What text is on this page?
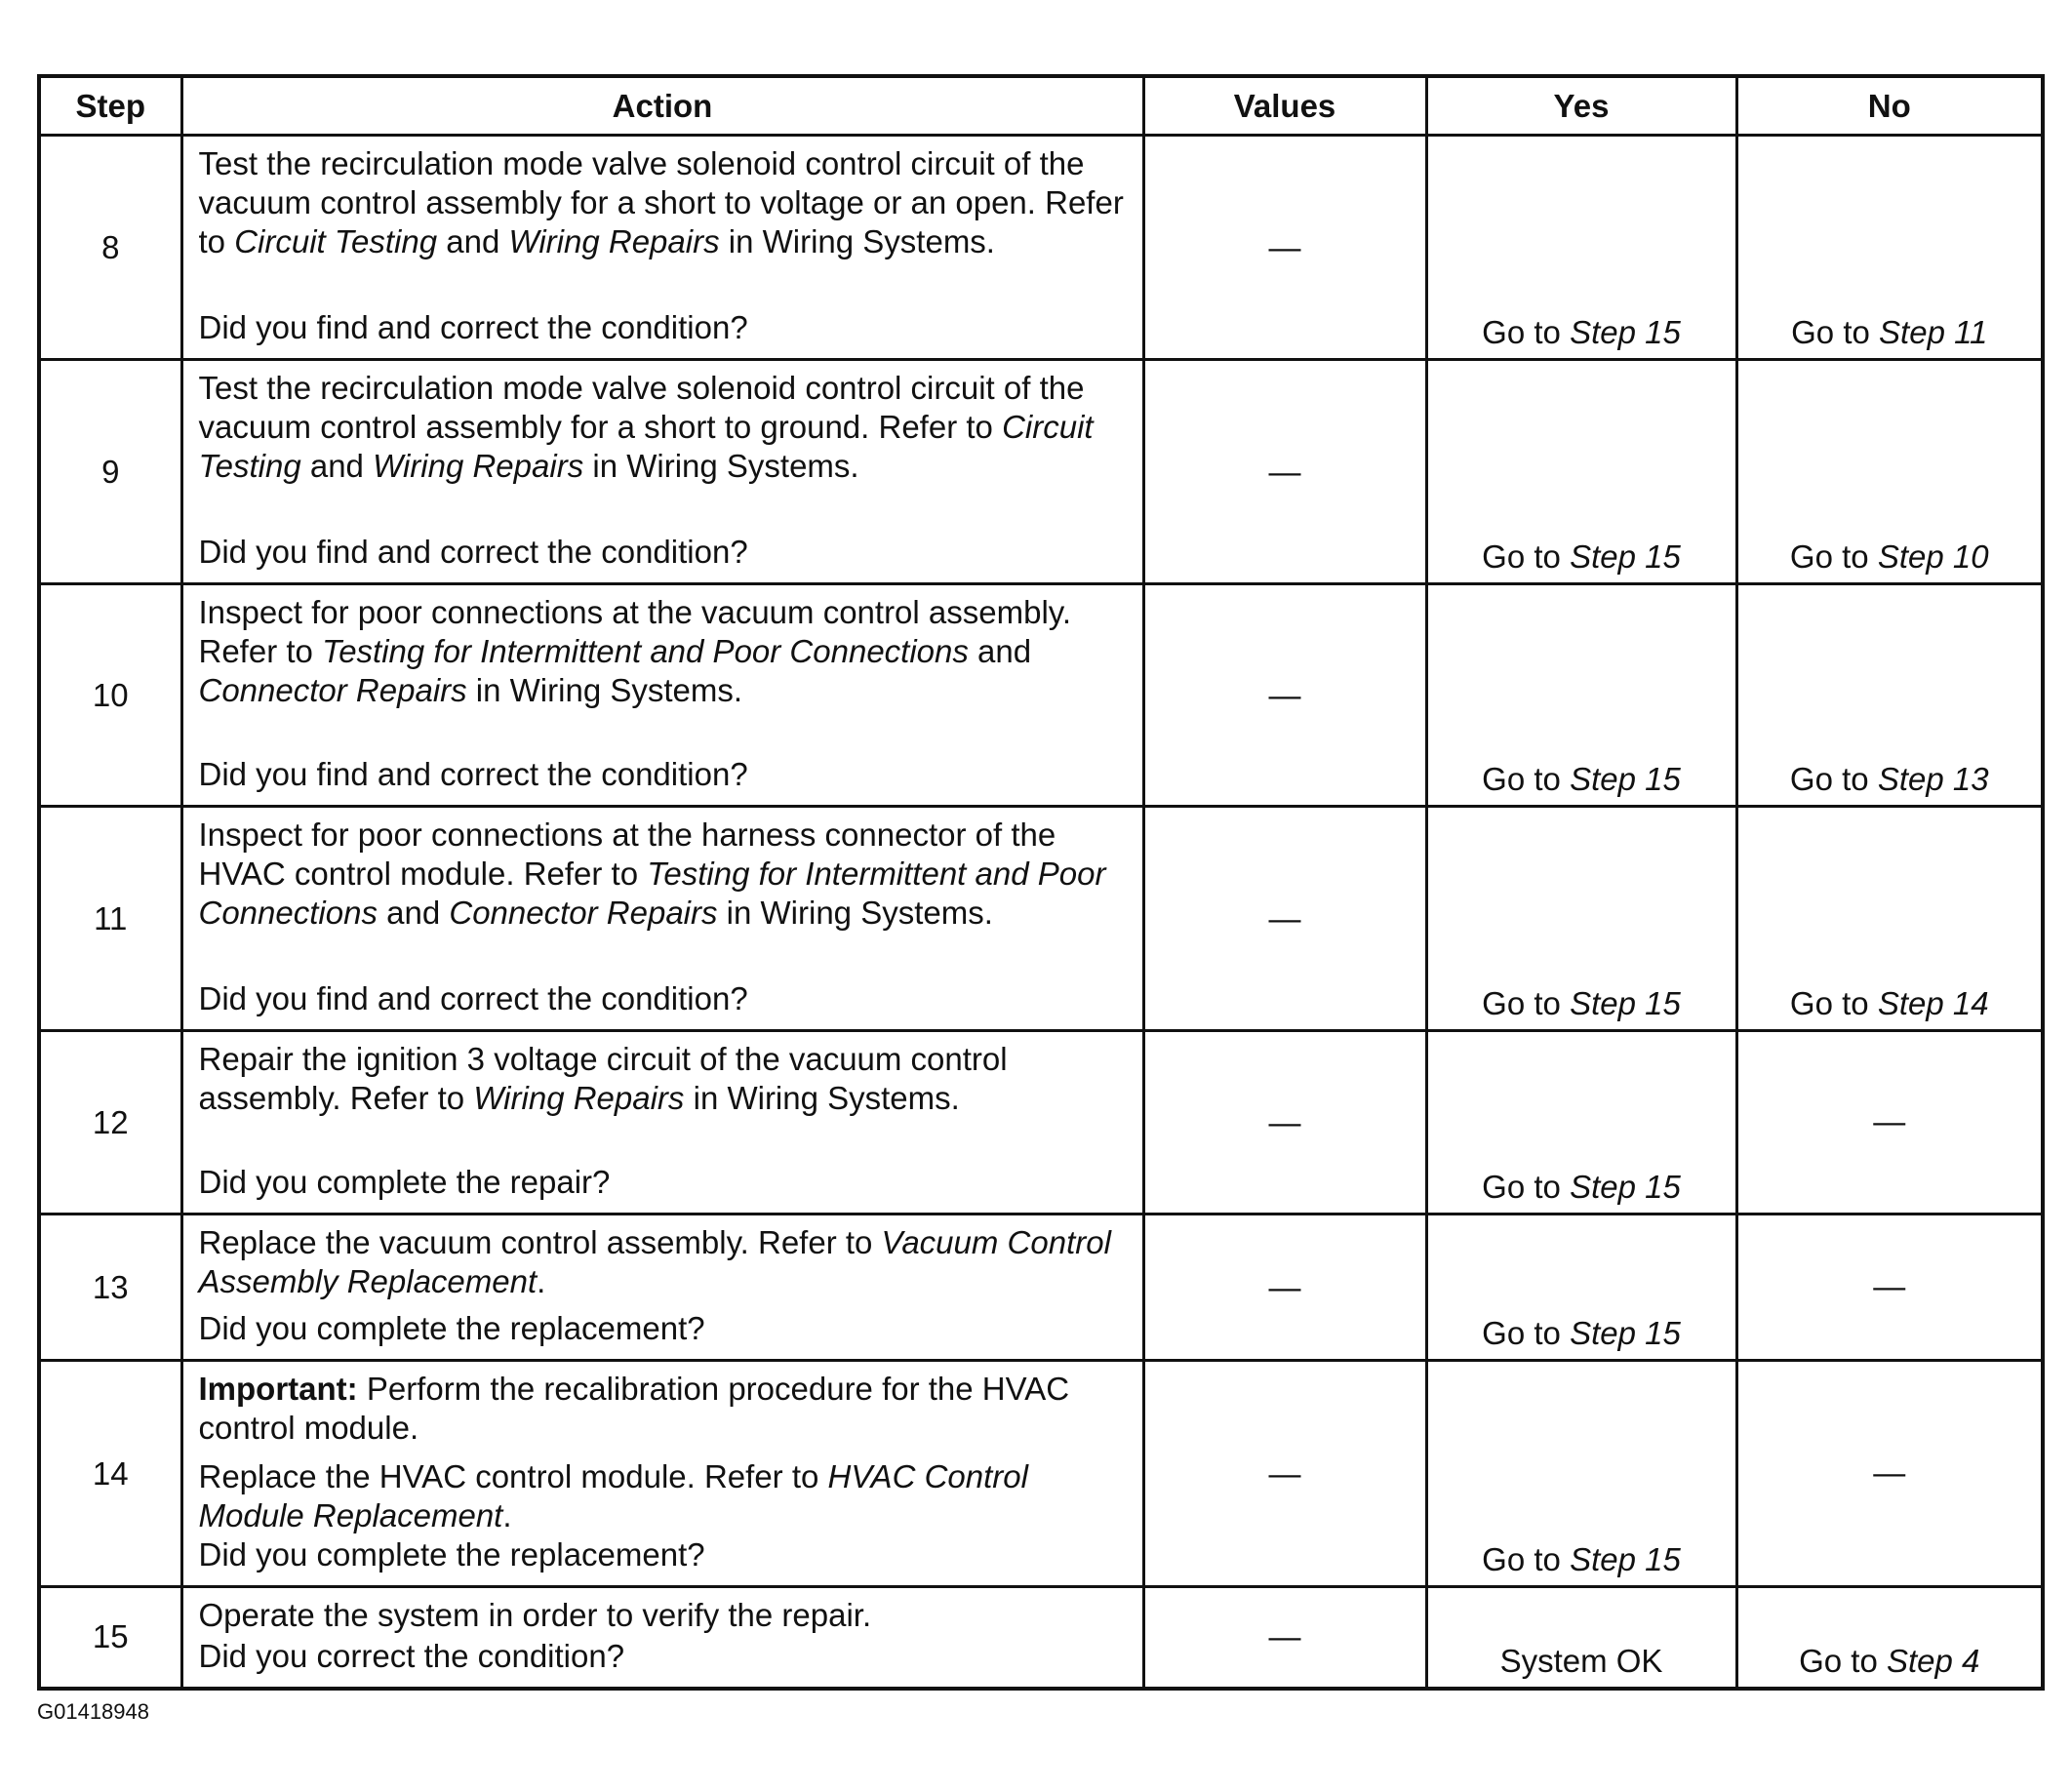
Step	Action	Values	Yes	No
8	Test the recirculation mode valve solenoid control circuit of the vacuum control assembly for a short to voltage or an open. Refer to Circuit Testing and Wiring Repairs in Wiring Systems.

Did you find and correct the condition?	—	Go to Step 15	Go to Step 11
9	Test the recirculation mode valve solenoid control circuit of the vacuum control assembly for a short to ground. Refer to Circuit Testing and Wiring Repairs in Wiring Systems.

Did you find and correct the condition?	—	Go to Step 15	Go to Step 10
10	Inspect for poor connections at the vacuum control assembly. Refer to Testing for Intermittent and Poor Connections and Connector Repairs in Wiring Systems.

Did you find and correct the condition?	—	Go to Step 15	Go to Step 13
11	Inspect for poor connections at the harness connector of the HVAC control module. Refer to Testing for Intermittent and Poor Connections and Connector Repairs in Wiring Systems.

Did you find and correct the condition?	—	Go to Step 15	Go to Step 14
12	Repair the ignition 3 voltage circuit of the vacuum control assembly. Refer to Wiring Repairs in Wiring Systems.

Did you complete the repair?	—	Go to Step 15	—
13	Replace the vacuum control assembly. Refer to Vacuum Control Assembly Replacement.

Did you complete the replacement?	—	Go to Step 15	—
14	Important: Perform the recalibration procedure for the HVAC control module.

Replace the HVAC control module. Refer to HVAC Control Module Replacement.

Did you complete the replacement?	—	Go to Step 15	—
15	Operate the system in order to verify the repair.

Did you correct the condition?	—	System OK	Go to Step 4
G01418948
